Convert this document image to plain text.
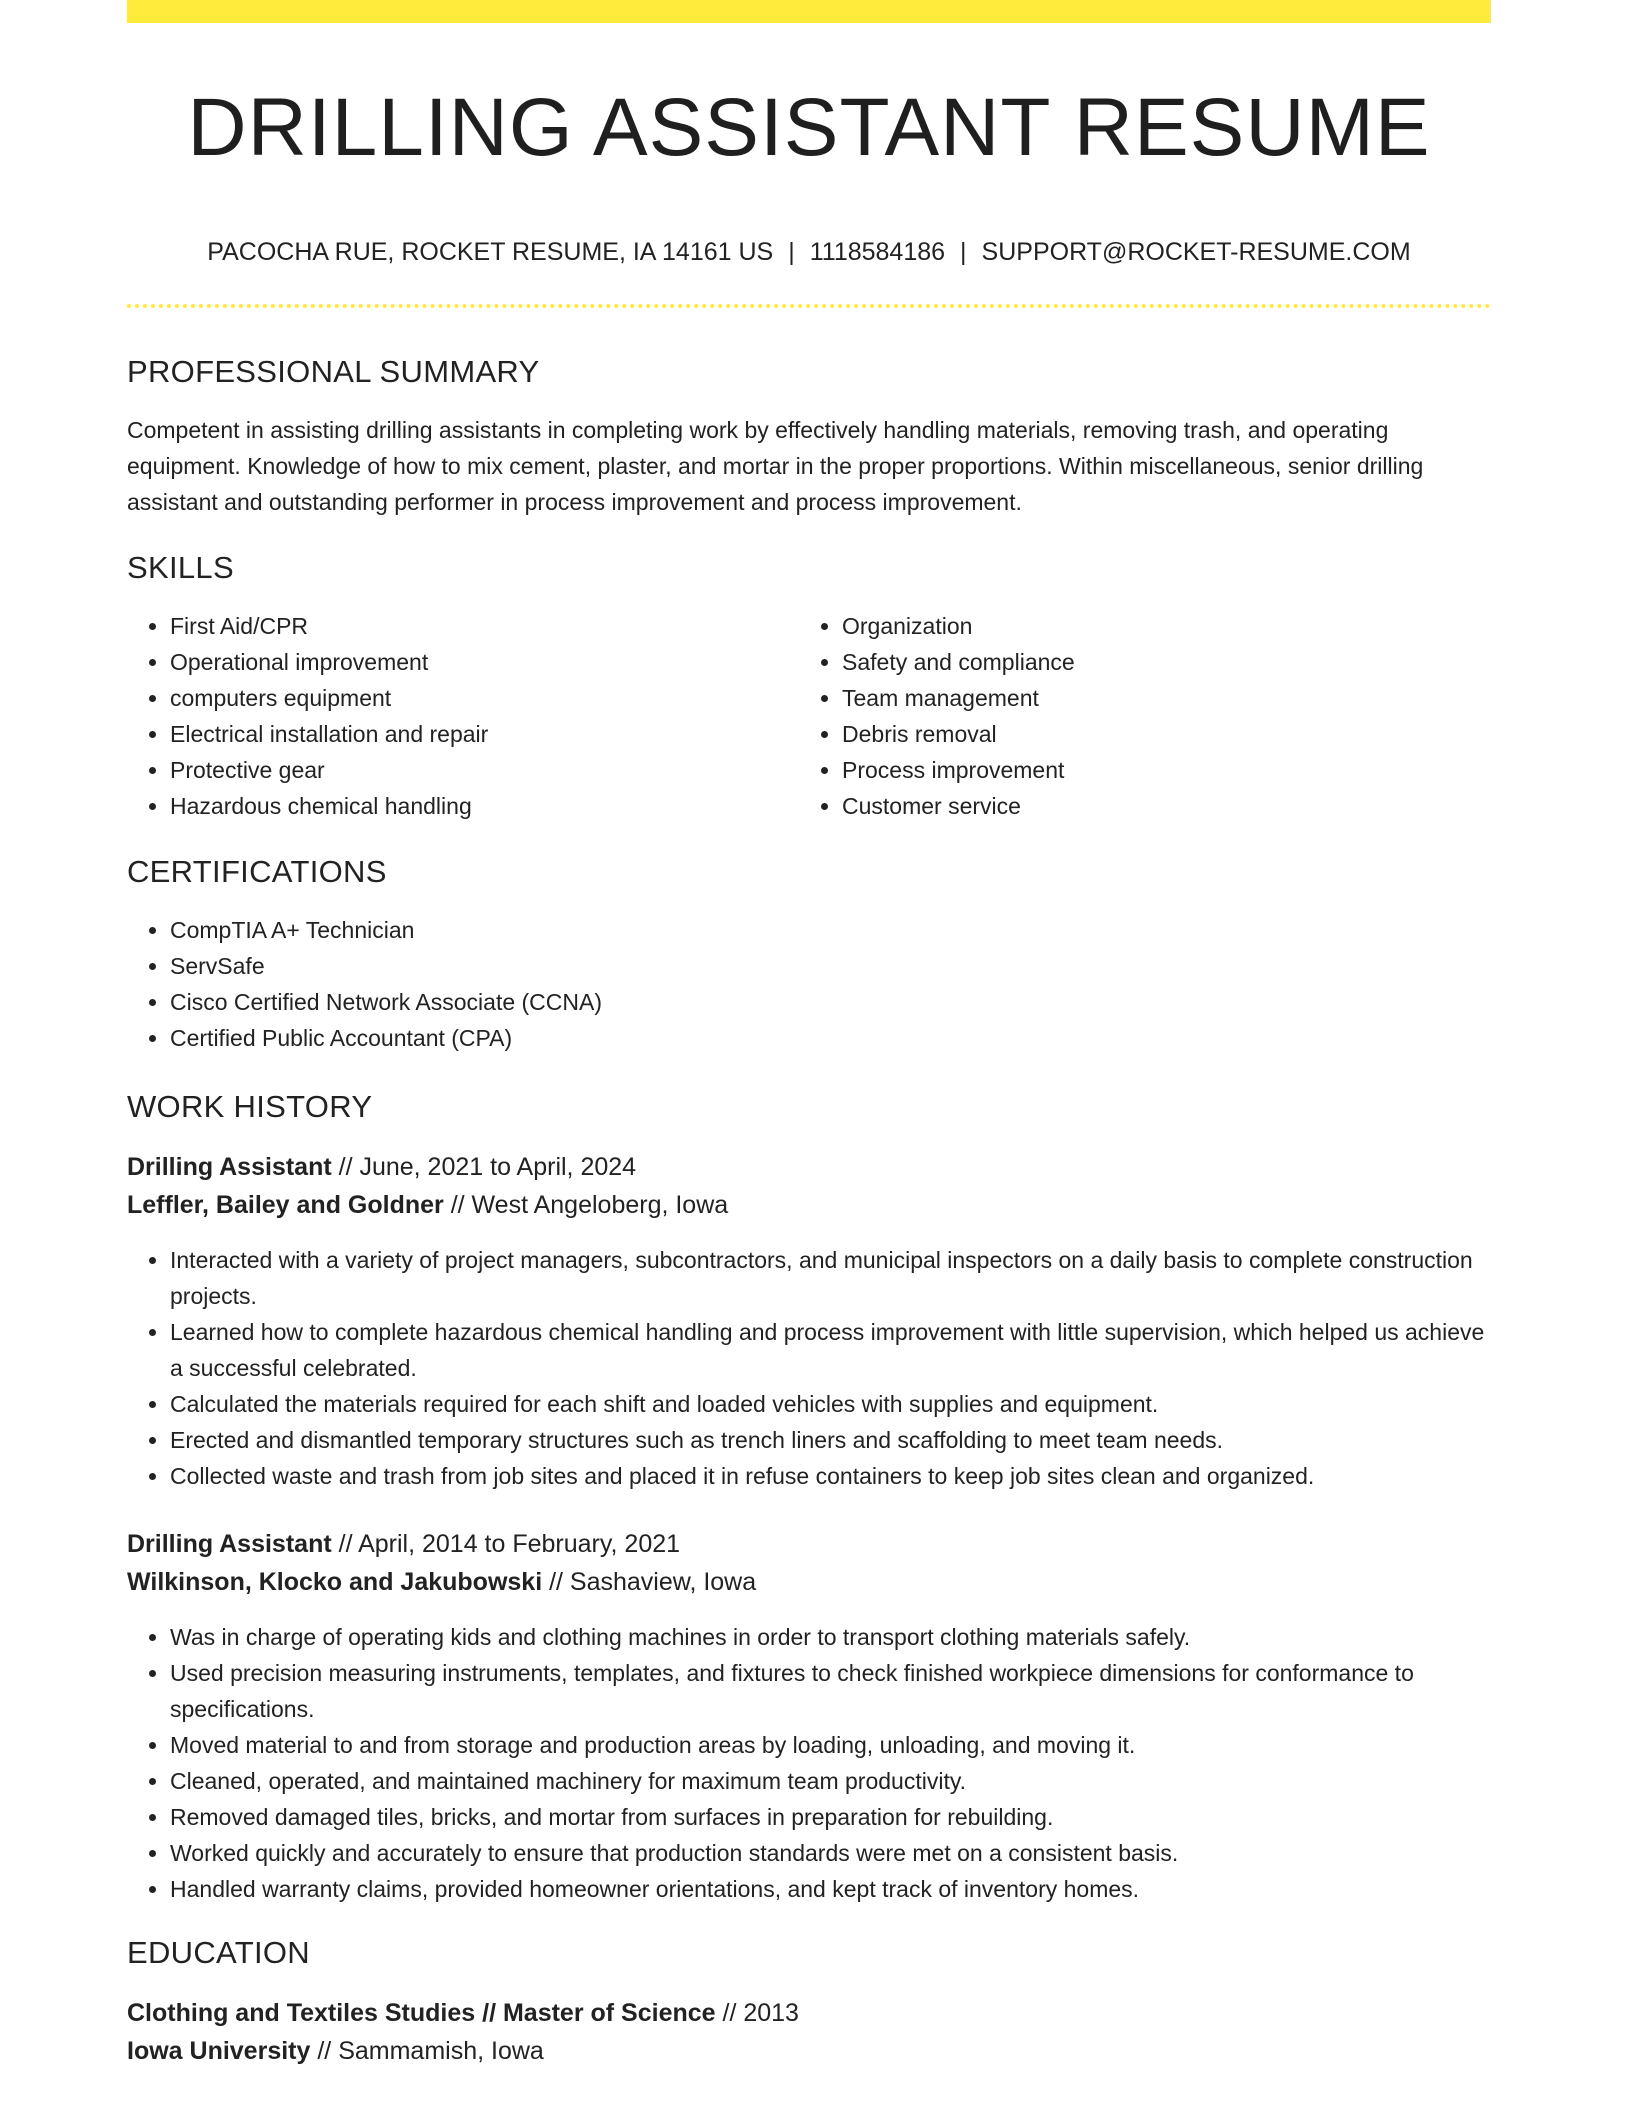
DRILLING ASSISTANT RESUME
PACOCHA RUE, ROCKET RESUME, IA 14161 US | 1118584186 | SUPPORT@ROCKET-RESUME.COM
PROFESSIONAL SUMMARY

Competent in assisting drilling assistants in completing work by effectively handling materials, removing trash, and operating equipment. Knowledge of how to mix cement, plaster, and mortar in the proper proportions. Within miscellaneous, senior drilling assistant and outstanding performer in process improvement and process improvement.

SKILLS
• First Aid/CPR
• Operational improvement
• computers equipment
• Electrical installation and repair
• Protective gear
• Hazardous chemical handling
• Organization
• Safety and compliance
• Team management
• Debris removal
• Process improvement
• Customer service
CERTIFICATIONS
• CompTIA A+ Technician
• ServSafe
• Cisco Certified Network Associate (CCNA)
• Certified Public Accountant (CPA)
WORK HISTORY
Drilling Assistant // June, 2021 to April, 2024
Leffler, Bailey and Goldner // West Angeloberg, Iowa
• Interacted with a variety of project managers, subcontractors, and municipal inspectors on a daily basis to complete construction projects.
• Learned how to complete hazardous chemical handling and process improvement with little supervision, which helped us achieve a successful celebrated.
• Calculated the materials required for each shift and loaded vehicles with supplies and equipment.
• Erected and dismantled temporary structures such as trench liners and scaffolding to meet team needs.
• Collected waste and trash from job sites and placed it in refuse containers to keep job sites clean and organized.
Drilling Assistant // April, 2014 to February, 2021
Wilkinson, Klocko and Jakubowski // Sashaview, Iowa
• Was in charge of operating kids and clothing machines in order to transport clothing materials safely.
• Used precision measuring instruments, templates, and fixtures to check finished workpiece dimensions for conformance to specifications.
• Moved material to and from storage and production areas by loading, unloading, and moving it.
• Cleaned, operated, and maintained machinery for maximum team productivity.
• Removed damaged tiles, bricks, and mortar from surfaces in preparation for rebuilding.
• Worked quickly and accurately to ensure that production standards were met on a consistent basis.
• Handled warranty claims, provided homeowner orientations, and kept track of inventory homes.
EDUCATION
Clothing and Textiles Studies // Master of Science // 2013
Iowa University // Sammamish, Iowa
